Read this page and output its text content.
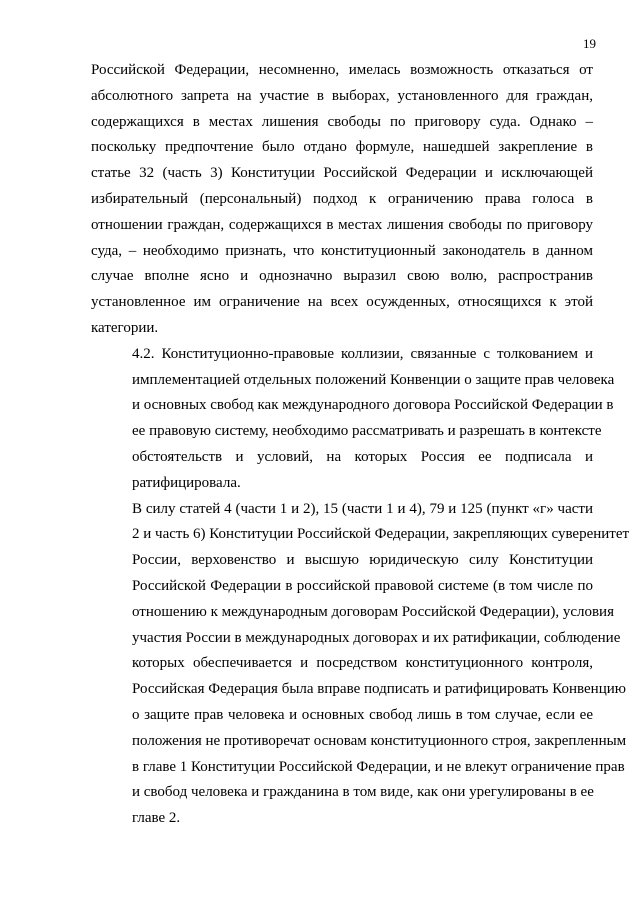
19

Российской Федерации, несомненно, имелась возможность отказаться от
абсолютного запрета на участие в выборах, установленного для граждан,
содержащихся в местах лишения свободы по приговору суда. Однако –
поскольку предпочтение было отдано формуле, нашедшей закрепление в
статье 32 (часть 3) Конституции Российской Федерации и исключающей
избирательный (персональный) подход к ограничению права голоса в
отношении граждан, содержащихся в местах лишения свободы по приговору
суда, – необходимо признать, что конституционный законодатель в данном
случае вполне ясно и однозначно выразил свою волю, распространив
установленное им ограничение на всех осужденных, относящихся к этой
категории.

4.2. Конституционно-правовые коллизии, связанные с толкованием и
имплементацией отдельных положений Конвенции о защите прав человека
и основных свобод как международного договора Российской Федерации в
ее правовую систему, необходимо рассматривать и разрешать в контексте
обстоятельств и условий, на которых Россия ее подписала и
ратифицировала.

В силу статей 4 (части 1 и 2), 15 (части 1 и 4), 79 и 125 (пункт «г» части
2 и часть 6) Конституции Российской Федерации, закрепляющих суверенитет
России, верховенство и высшую юридическую силу Конституции
Российской Федерации в российской правовой системе (в том числе по
отношению к международным договорам Российской Федерации), условия
участия России в международных договорах и их ратификации, соблюдение
которых обеспечивается и посредством конституционного контроля,
Российская Федерация была вправе подписать и ратифицировать Конвенцию
о защите прав человека и основных свобод лишь в том случае, если ее
положения не противоречат основам конституционного строя, закрепленным
в главе 1 Конституции Российской Федерации, и не влекут ограничение прав
и свобод человека и гражданина в том виде, как они урегулированы в ее
главе 2.
